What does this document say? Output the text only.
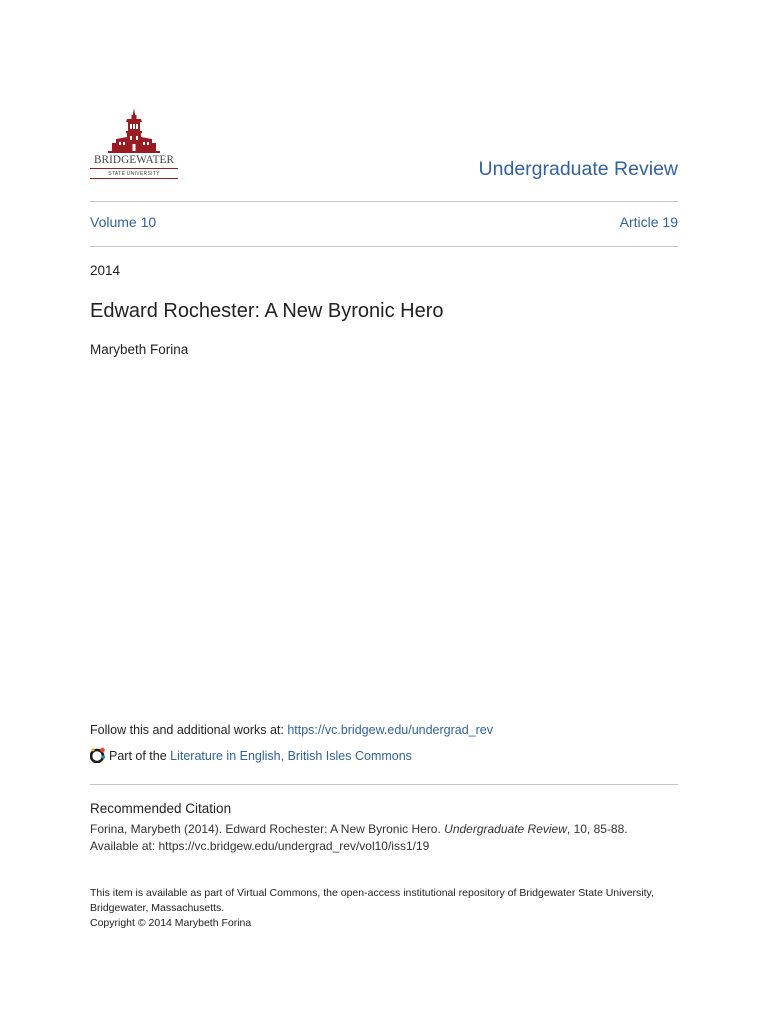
BRIDGEWATER
STATE UNIVERSITY	Undergraduate Review
Volume 10	Article 19
2014
Edward Rochester: A New Byronic Hero
Marybeth Forina
Follow this and additional works at: https://vc.bridgew.edu/undergrad_rev
Part of the Literature in English, British Isles Commons
Recommended Citation
Forina, Marybeth (2014). Edward Rochester: A New Byronic Hero. Undergraduate Review, 10, 85-88.
Available at: https://vc.bridgew.edu/undergrad_rev/vol10/iss1/19
This item is available as part of Virtual Commons, the open-access institutional repository of Bridgewater State University, Bridgewater, Massachusetts.
Copyright © 2014 Marybeth Forina
